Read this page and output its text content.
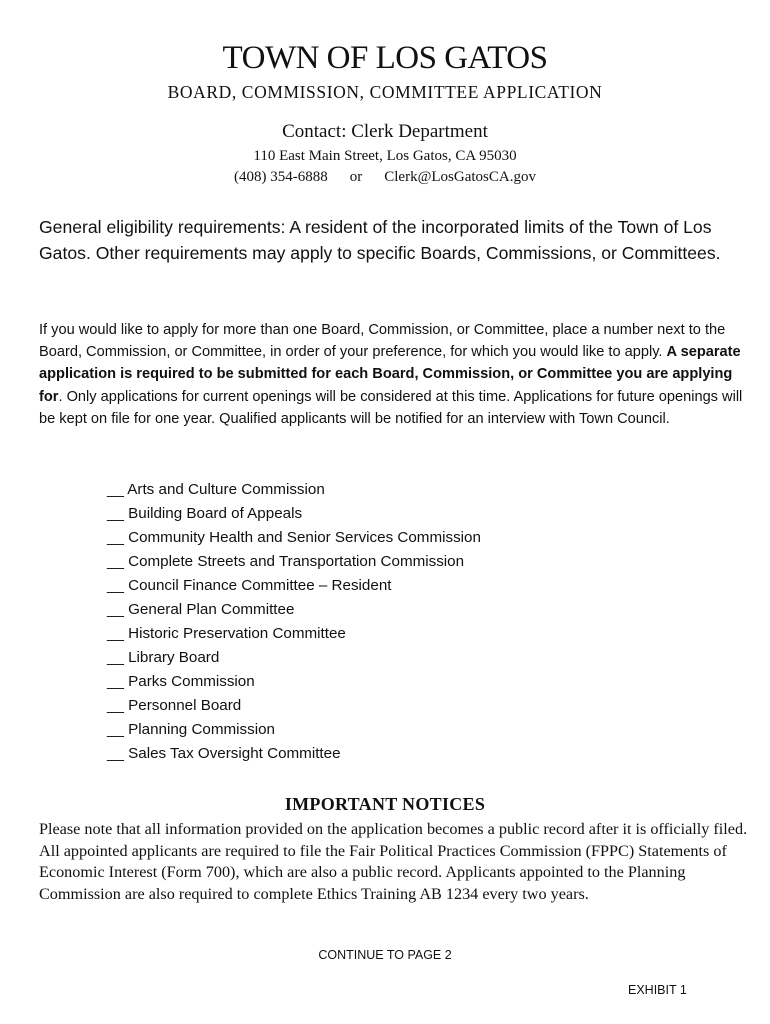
TOWN OF LOS GATOS
BOARD, COMMISSION, COMMITTEE APPLICATION
Contact: Clerk Department
110 East Main Street, Los Gatos, CA 95030
(408) 354-6888 or Clerk@LosGatosCA.gov
General eligibility requirements: A resident of the incorporated limits of the Town of Los Gatos. Other requirements may apply to specific Boards, Commissions, or Committees.
If you would like to apply for more than one Board, Commission, or Committee, place a number next to the Board, Commission, or Committee, in order of your preference, for which you would like to apply. A separate application is required to be submitted for each Board, Commission, or Committee you are applying for. Only applications for current openings will be considered at this time. Applications for future openings will be kept on file for one year. Qualified applicants will be notified for an interview with Town Council.
__ Arts and Culture Commission
__ Building Board of Appeals
__ Community Health and Senior Services Commission
__ Complete Streets and Transportation Commission
__ Council Finance Committee – Resident
__ General Plan Committee
__ Historic Preservation Committee
__ Library Board
__ Parks Commission
__ Personnel Board
__ Planning Commission
__ Sales Tax Oversight Committee
IMPORTANT NOTICES
Please note that all information provided on the application becomes a public record after it is officially filed. All appointed applicants are required to file the Fair Political Practices Commission (FPPC) Statements of Economic Interest (Form 700), which are also a public record. Applicants appointed to the Planning Commission are also required to complete Ethics Training AB 1234 every two years.
CONTINUE TO PAGE 2
EXHIBIT 1
